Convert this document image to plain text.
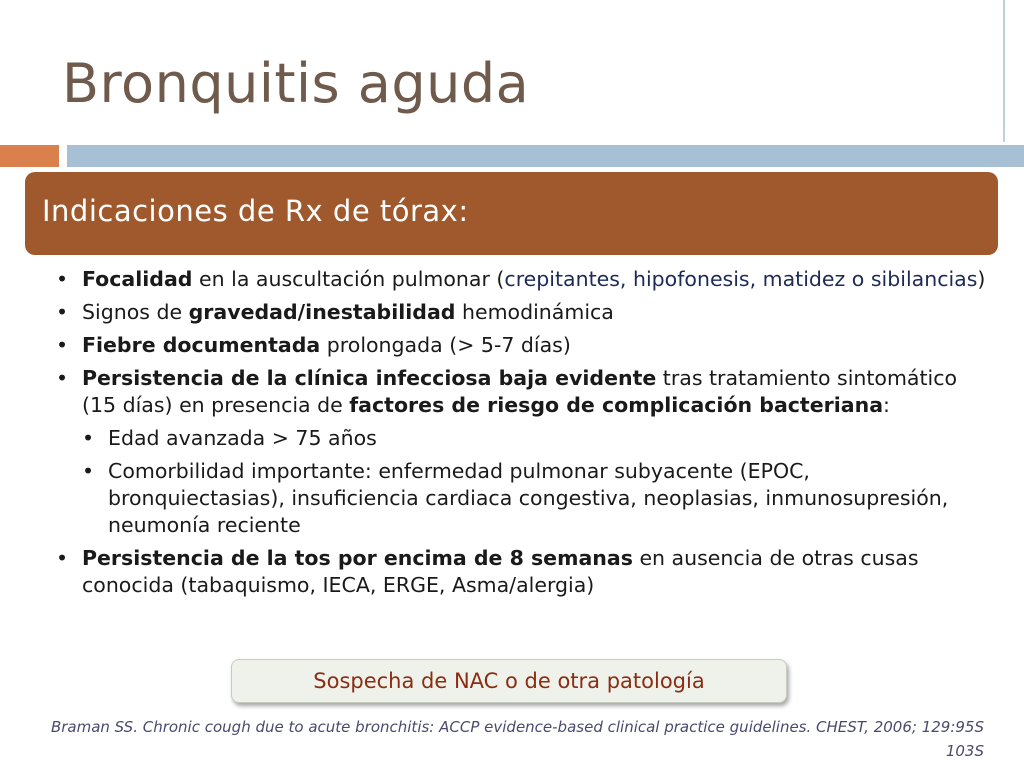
Bronquitis aguda
Indicaciones de Rx de tórax:
• Focalidad en la auscultación pulmonar (crepitantes, hipofonesis, matidez o sibilancias)
• Signos de gravedad/inestabilidad hemodinámica
• Fiebre documentada prolongada (> 5-7 días)
• Persistencia de la clínica infecciosa baja evidente tras tratamiento sintomático (15 días) en presencia de factores de riesgo de complicación bacteriana:
• Edad avanzada > 75 años
• Comorbilidad importante: enfermedad pulmonar subyacente (EPOC, bronquiectasias), insuficiencia cardiaca congestiva, neoplasias, inmunosupresión, neumonía reciente
• Persistencia de la tos por encima de 8 semanas en ausencia de otras cusas conocida (tabaquismo, IECA, ERGE, Asma/alergia)
Sospecha de NAC o de otra patología
Braman SS. Chronic cough due to acute bronchitis: ACCP evidence-based clinical practice guidelines. CHEST, 2006; 129:95S 103S
